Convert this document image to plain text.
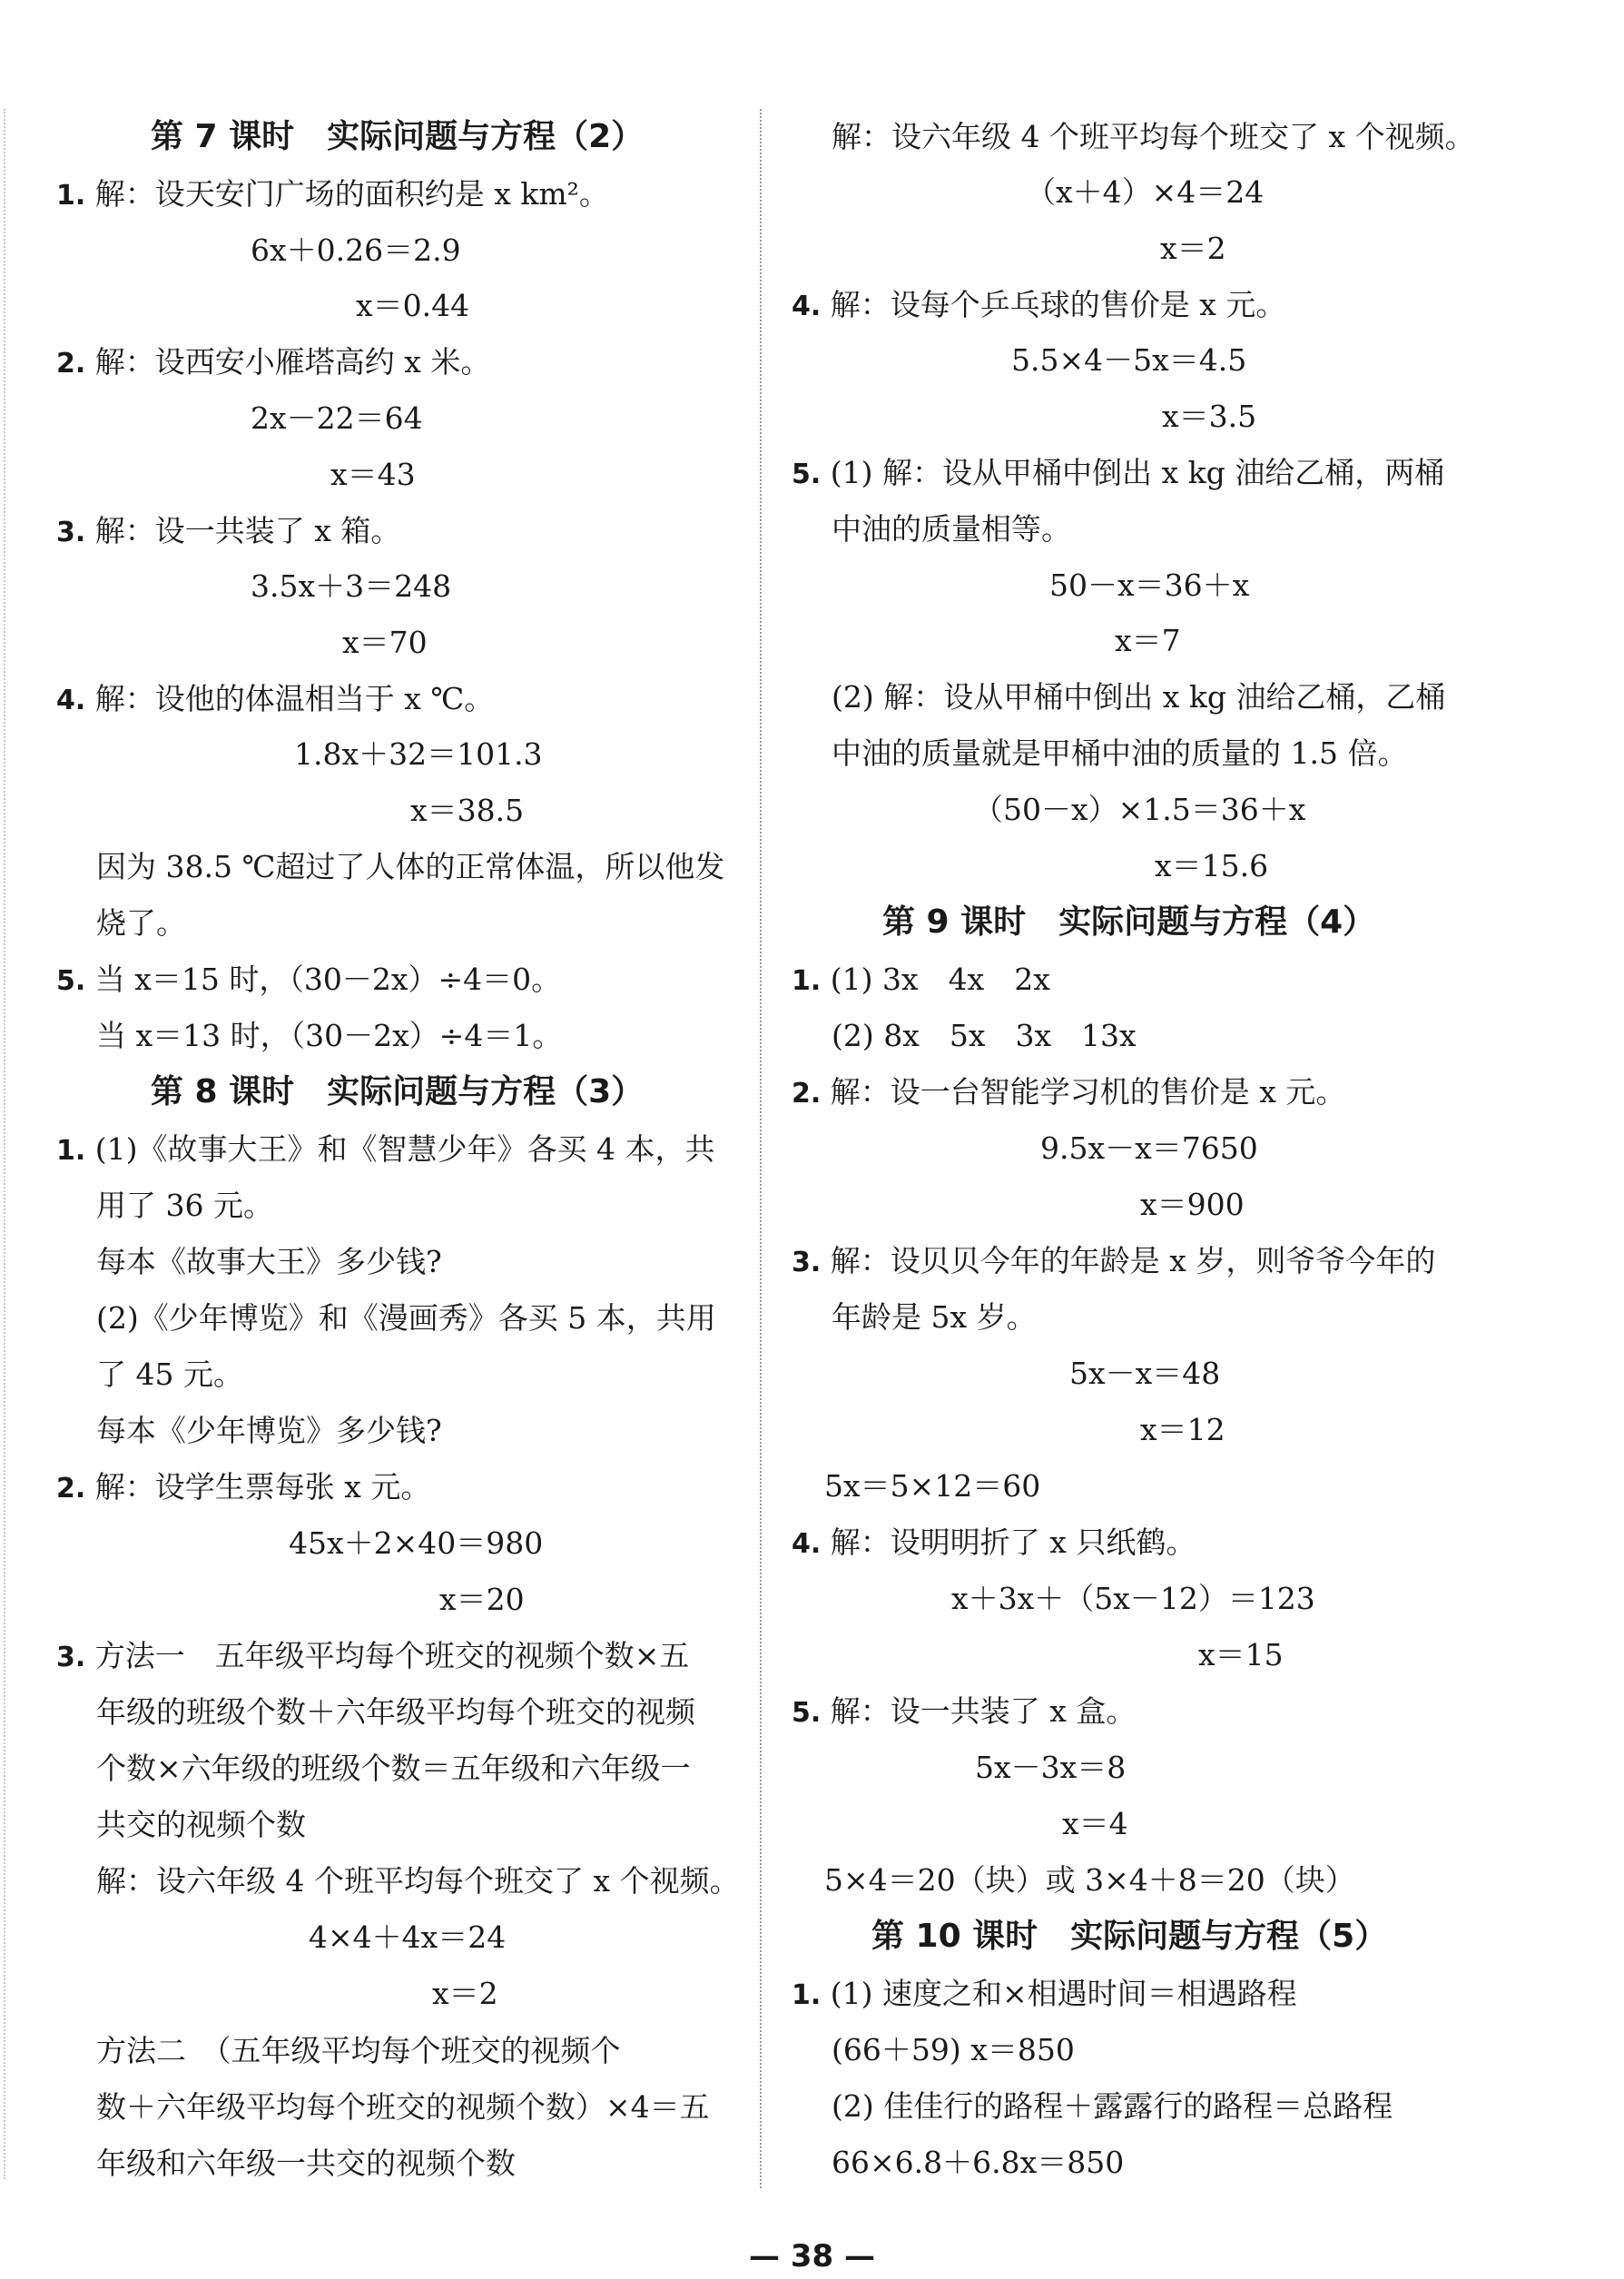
第 7 课时　实际问题与方程（2）
1. 解：设天安门广场的面积约是 x km²。
6x＋0.26＝2.9
x＝0.44
2. 解：设西安小雁塔高约 x 米。
2x－22＝64
x＝43
3. 解：设一共装了 x 箱。
3.5x＋3＝248
x＝70
4. 解：设他的体温相当于 x ℃。
1.8x＋32＝101.3
x＝38.5
因为 38.5 ℃超过了人体的正常体温，所以他发
烧了。
5. 当 x＝15 时，（30－2x）÷4＝0。
当 x＝13 时，（30－2x）÷4＝1。
第 8 课时　实际问题与方程（3）
1. (1)《故事大王》和《智慧少年》各买 4 本，共
用了 36 元。
每本《故事大王》多少钱?
(2)《少年博览》和《漫画秀》各买 5 本，共用
了 45 元。
每本《少年博览》多少钱?
2. 解：设学生票每张 x 元。
45x＋2×40＝980
x＝20
3. 方法一　五年级平均每个班交的视频个数×五
年级的班级个数＋六年级平均每个班交的视频
个数×六年级的班级个数＝五年级和六年级一
共交的视频个数
解：设六年级 4 个班平均每个班交了 x 个视频。
4×4＋4x＝24
x＝2
方法二　（五年级平均每个班交的视频个
数＋六年级平均每个班交的视频个数）×4＝五
年级和六年级一共交的视频个数
解：设六年级 4 个班平均每个班交了 x 个视频。
（x＋4）×4＝24
x＝2
4. 解：设每个乒乓球的售价是 x 元。
5.5×4－5x＝4.5
x＝3.5
5. (1) 解：设从甲桶中倒出 x kg 油给乙桶，两桶
中油的质量相等。
50－x＝36＋x
x＝7
(2) 解：设从甲桶中倒出 x kg 油给乙桶，乙桶
中油的质量就是甲桶中油的质量的 1.5 倍。
（50－x）×1.5＝36＋x
x＝15.6
第 9 课时　实际问题与方程（4）
1. (1) 3x　4x　2x
(2) 8x　5x　3x　13x
2. 解：设一台智能学习机的售价是 x 元。
9.5x－x＝7650
x＝900
3. 解：设贝贝今年的年龄是 x 岁，则爷爷今年的
年龄是 5x 岁。
5x－x＝48
x＝12
5x＝5×12＝60
4. 解：设明明折了 x 只纸鹤。
x＋3x＋（5x－12）＝123
x＝15
5. 解：设一共装了 x 盒。
5x－3x＝8
x＝4
5×4＝20（块）或 3×4＋8＝20（块）
第 10 课时　实际问题与方程（5）
1. (1) 速度之和×相遇时间＝相遇路程
(66＋59) x＝850
(2) 佳佳行的路程＋露露行的路程＝总路程
66×6.8＋6.8x＝850
— 38 —
